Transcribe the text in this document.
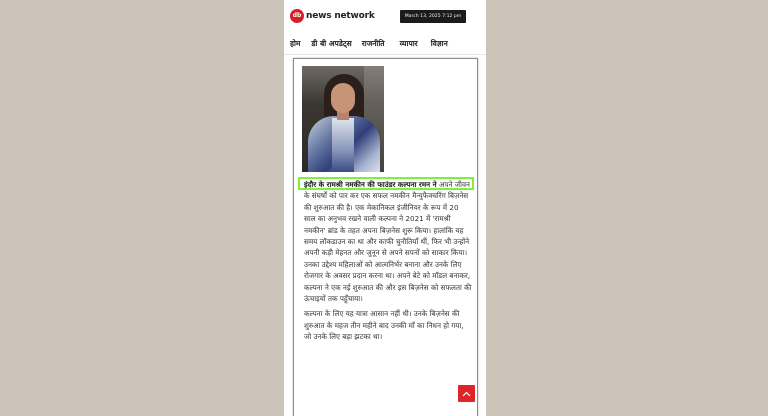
db news network	March 13, 2025 7:12 pm
होम डी बी अपडेट्स राजनीति व्यापार विज्ञान

इंदौर के रामश्री नमकीन की फाउंडर कल्पना रमन ने अपने जीवन के संघर्षों को पार कर एक सफल नमकीन मैन्युफैक्चरिंग बिज़नेस की शुरुआत की है। एक मेकानिकल इंजीनियर के रूप में 20 साल का अनुभव रखने वाली कल्पना ने 2021 में 'रामश्री नमकीन' ब्रांड के तहत अपना बिज़नेस शुरू किया। हालांकि यह समय लॉकडाउन का था और काफी चुनौतियाँ थीं, फिर भी उन्होंने अपनी कड़ी मेहनत और जुनून से अपने सपनों को साकार किया। उनका उद्देश्य महिलाओं को आत्मनिर्भर बनाना और उनके लिए रोजगार के अवसर प्रदान करना था। अपने बेटे को मॉडल बनाकर, कल्पना ने एक नई शुरुआत की और इस बिज़नेस को सफलता की ऊंचाइयों तक पहुँचाया।

कल्पना के लिए यह यात्रा आसान नहीं थी। उनके बिज़नेस की शुरुआत के महज तीन महीने बाद उनकी माँ का निधन हो गया, जो उनके लिए बड़ा झटका था।
